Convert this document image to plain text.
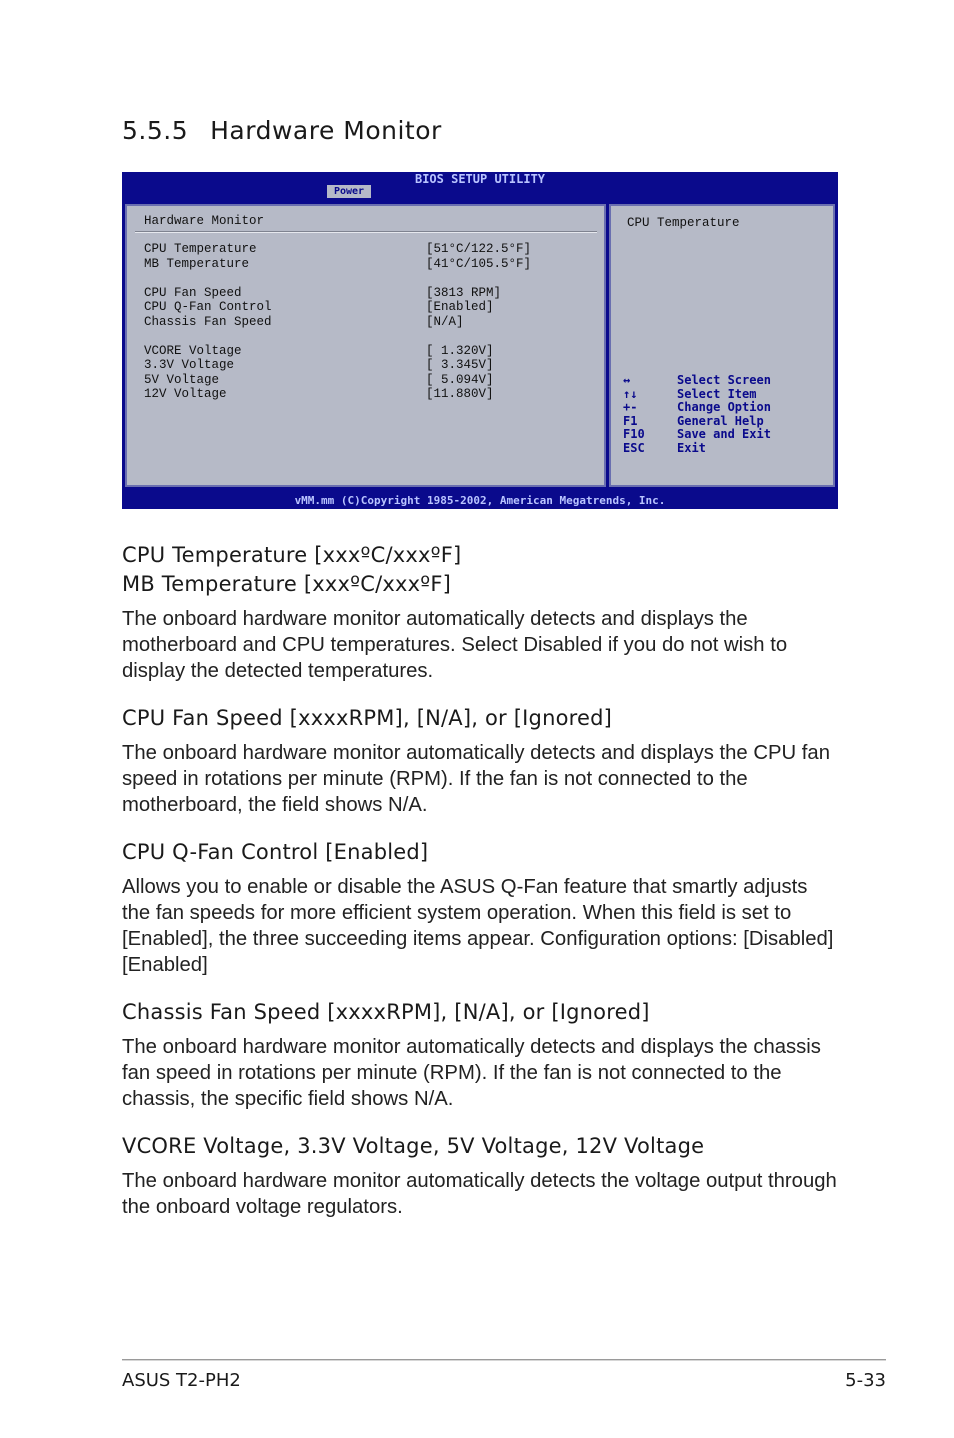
5.5.5 Hardware Monitor
BIOS SETUP UTILITY
Power
Hardware Monitor
CPU Temperature	[51°C/122.5°F]
MB Temperature	[41°C/105.5°F]
CPU Fan Speed	[3813 RPM]
CPU Q-Fan Control	[Enabled]
Chassis Fan Speed	[N/A]
VCORE Voltage	[ 1.320V]
3.3V Voltage	[ 3.345V]
5V Voltage	[ 5.094V]
12V Voltage	[11.880V]
CPU Temperature
↔	Select Screen
↑↓	Select Item
+-	Change Option
F1	General Help
F10	Save and Exit
ESC	Exit
vMM.mm (C)Copyright 1985-2002, American Megatrends, Inc.
CPU Temperature [xxxºC/xxxºF]
MB Temperature [xxxºC/xxxºF]

The onboard hardware monitor automatically detects and displays the motherboard and CPU temperatures. Select Disabled if you do not wish to display the detected temperatures.

CPU Fan Speed [xxxxRPM], [N/A], or [Ignored]

The onboard hardware monitor automatically detects and displays the CPU fan speed in rotations per minute (RPM). If the fan is not connected to the motherboard, the field shows N/A.

CPU Q-Fan Control [Enabled]

Allows you to enable or disable the ASUS Q-Fan feature that smartly adjusts the fan speeds for more efficient system operation. When this field is set to [Enabled], the three succeeding items appear. Configuration options: [Disabled] [Enabled]

Chassis Fan Speed [xxxxRPM], [N/A], or [Ignored]

The onboard hardware monitor automatically detects and displays the chassis fan speed in rotations per minute (RPM). If the fan is not connected to the chassis, the specific field shows N/A.

VCORE Voltage, 3.3V Voltage, 5V Voltage, 12V Voltage

The onboard hardware monitor automatically detects the voltage output through the onboard voltage regulators.

ASUS T2-PH2	5-33
